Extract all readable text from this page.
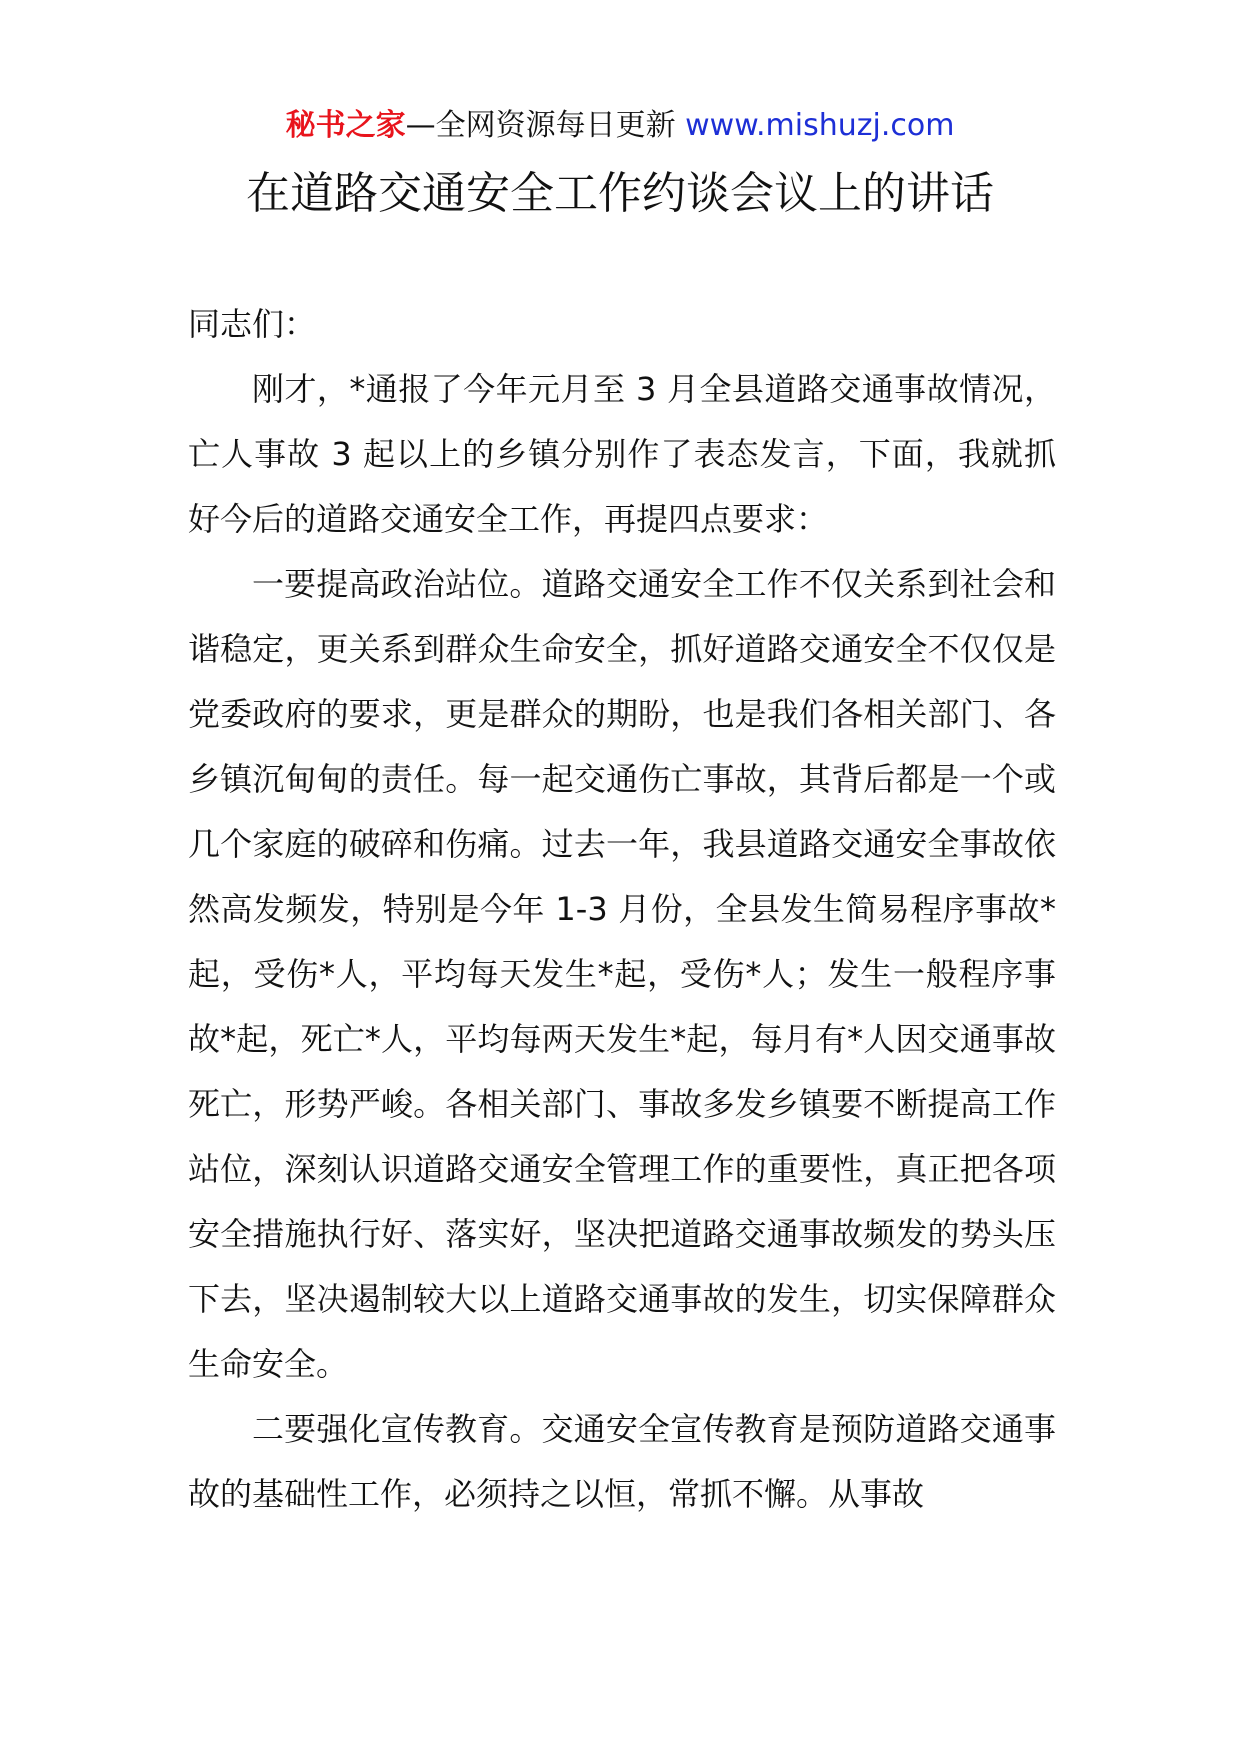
秘书之家—全网资源每日更新 www.mishuzj.com
在道路交通安全工作约谈会议上的讲话

同志们：

刚才，*通报了今年元月至 3 月全县道路交通事故情况，亡人事故 3 起以上的乡镇分别作了表态发言，下面，我就抓好今后的道路交通安全工作，再提四点要求：

一要提高政治站位。道路交通安全工作不仅关系到社会和谐稳定，更关系到群众生命安全，抓好道路交通安全不仅仅是党委政府的要求，更是群众的期盼，也是我们各相关部门、各乡镇沉甸甸的责任。每一起交通伤亡事故，其背后都是一个或几个家庭的破碎和伤痛。过去一年，我县道路交通安全事故依然高发频发，特别是今年 1-3 月份，全县发生简易程序事故*起，受伤*人，平均每天发生*起，受伤*人；发生一般程序事故*起，死亡*人，平均每两天发生*起，每月有*人因交通事故死亡，形势严峻。各相关部门、事故多发乡镇要不断提高工作站位，深刻认识道路交通安全管理工作的重要性，真正把各项安全措施执行好、落实好，坚决把道路交通事故频发的势头压下去，坚决遏制较大以上道路交通事故的发生，切实保障群众生命安全。

二要强化宣传教育。交通安全宣传教育是预防道路交通事故的基础性工作，必须持之以恒，常抓不懈。从事故
